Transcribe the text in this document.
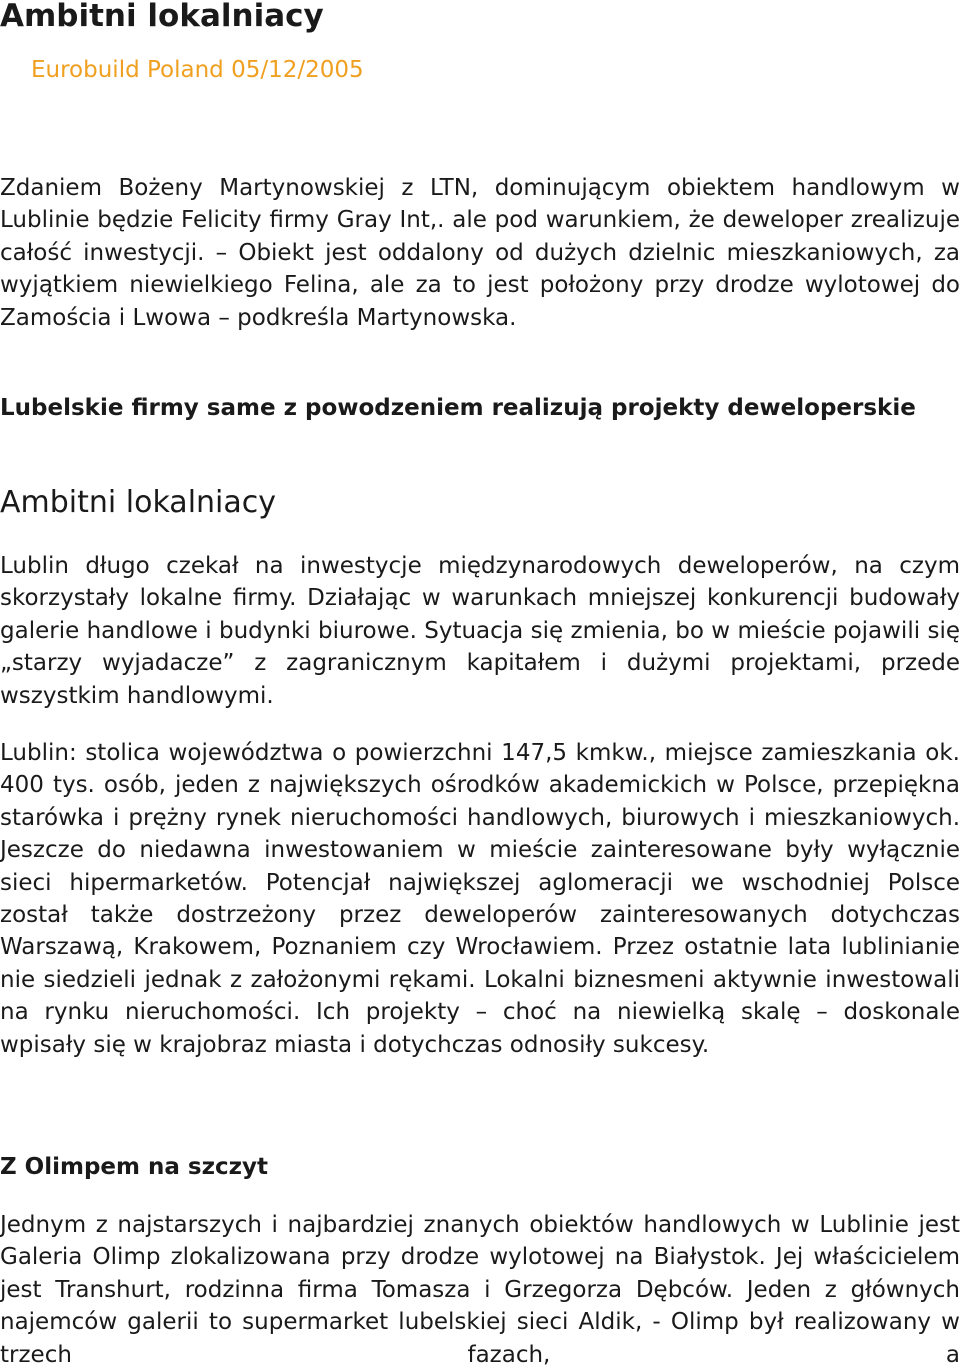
Ambitni lokalniacy

Eurobuild Poland 05/12/2005

Zdaniem Bożeny Martynowskiej z LTN, dominującym obiektem handlowym w Lublinie będzie Felicity firmy Gray Int,. ale pod warunkiem, że deweloper zrealizuje całość inwestycji. – Obiekt jest oddalony od dużych dzielnic mieszkaniowych, za wyjątkiem niewielkiego Felina, ale za to jest położony przy drodze wylotowej do Zamościa i Lwowa – podkreśla Martynowska.

Lubelskie firmy same z powodzeniem realizują projekty deweloperskie

Ambitni lokalniacy

Lublin długo czekał na inwestycje międzynarodowych deweloperów, na czym skorzystały lokalne firmy. Działając w warunkach mniejszej konkurencji budowały galerie handlowe i budynki biurowe. Sytuacja się zmienia, bo w mieście pojawili się „starzy wyjadacze” z zagranicznym kapitałem i dużymi projektami, przede wszystkim handlowymi.

Lublin: stolica województwa o powierzchni 147,5 kmkw., miejsce zamieszkania ok. 400 tys. osób, jeden z największych ośrodków akademickich w Polsce, przepiękna starówka i prężny rynek nieruchomości handlowych, biurowych i mieszkaniowych. Jeszcze do niedawna inwestowaniem w mieście zainteresowane były wyłącznie sieci hipermarketów. Potencjał największej aglomeracji we wschodniej Polsce został także dostrzeżony przez deweloperów zainteresowanych dotychczas Warszawą, Krakowem, Poznaniem czy Wrocławiem. Przez ostatnie lata lublinianie nie siedzieli jednak z założonymi rękami. Lokalni biznesmeni aktywnie inwestowali na rynku nieruchomości. Ich projekty – choć na niewielką skalę – doskonale wpisały się w krajobraz miasta i dotychczas odnosiły sukcesy.

Z Olimpem na szczyt

Jednym z najstarszych i najbardziej znanych obiektów handlowych w Lublinie jest Galeria Olimp zlokalizowana przy drodze wylotowej na Białystok. Jej właścicielem jest Transhurt, rodzinna firma Tomasza i Grzegorza Dębców. Jeden z głównych najemców galerii to supermarket lubelskiej sieci Aldik, - Olimp był realizowany w trzech fazach, a
